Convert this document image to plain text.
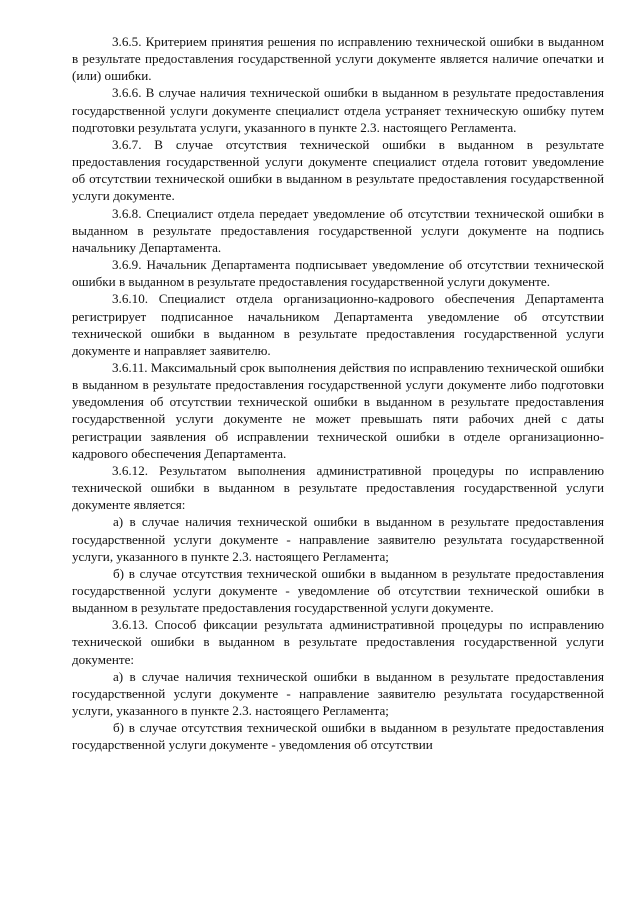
3.6.5. Критерием принятия решения по исправлению технической ошибки в выданном в результате предоставления государственной услуги документе является наличие опечатки и (или) ошибки.

3.6.6. В случае наличия технической ошибки в выданном в результате предоставления государственной услуги документе специалист отдела устраняет техническую ошибку путем подготовки результата услуги, указанного в пункте 2.3. настоящего Регламента.

3.6.7. В случае отсутствия технической ошибки в выданном в результате предоставления государственной услуги документе специалист отдела готовит уведомление об отсутствии технической ошибки в выданном в результате предоставления государственной услуги документе.

3.6.8. Специалист отдела передает уведомление об отсутствии технической ошибки в выданном в результате предоставления государственной услуги документе на подпись начальнику Департамента.

3.6.9. Начальник Департамента подписывает уведомление об отсутствии технической ошибки в выданном в результате предоставления государственной услуги документе.

3.6.10. Специалист отдела организационно-кадрового обеспечения Департамента регистрирует подписанное начальником Департамента уведомление об отсутствии технической ошибки в выданном в результате предоставления государственной услуги документе и направляет заявителю.

3.6.11. Максимальный срок выполнения действия по исправлению технической ошибки в выданном в результате предоставления государственной услуги документе либо подготовки уведомления об отсутствии технической ошибки в выданном в результате предоставления государственной услуги документе не может превышать пяти рабочих дней с даты регистрации заявления об исправлении технической ошибки в отделе организационно-кадрового обеспечения Департамента.

3.6.12. Результатом выполнения административной процедуры по исправлению технической ошибки в выданном в результате предоставления государственной услуги документе является:

а) в случае наличия технической ошибки в выданном в результате предоставления государственной услуги документе - направление заявителю результата государственной услуги, указанного в пункте 2.3. настоящего Регламента;

б) в случае отсутствия технической ошибки в выданном в результате предоставления государственной услуги документе - уведомление об отсутствии технической ошибки в выданном в результате предоставления государственной услуги документе.

3.6.13. Способ фиксации результата административной процедуры по исправлению технической ошибки в выданном в результате предоставления государственной услуги документе:

а) в случае наличия технической ошибки в выданном в результате предоставления государственной услуги документе - направление заявителю результата государственной услуги, указанного в пункте 2.3. настоящего Регламента;

б) в случае отсутствия технической ошибки в выданном в результате предоставления государственной услуги документе - уведомления об отсутствии
